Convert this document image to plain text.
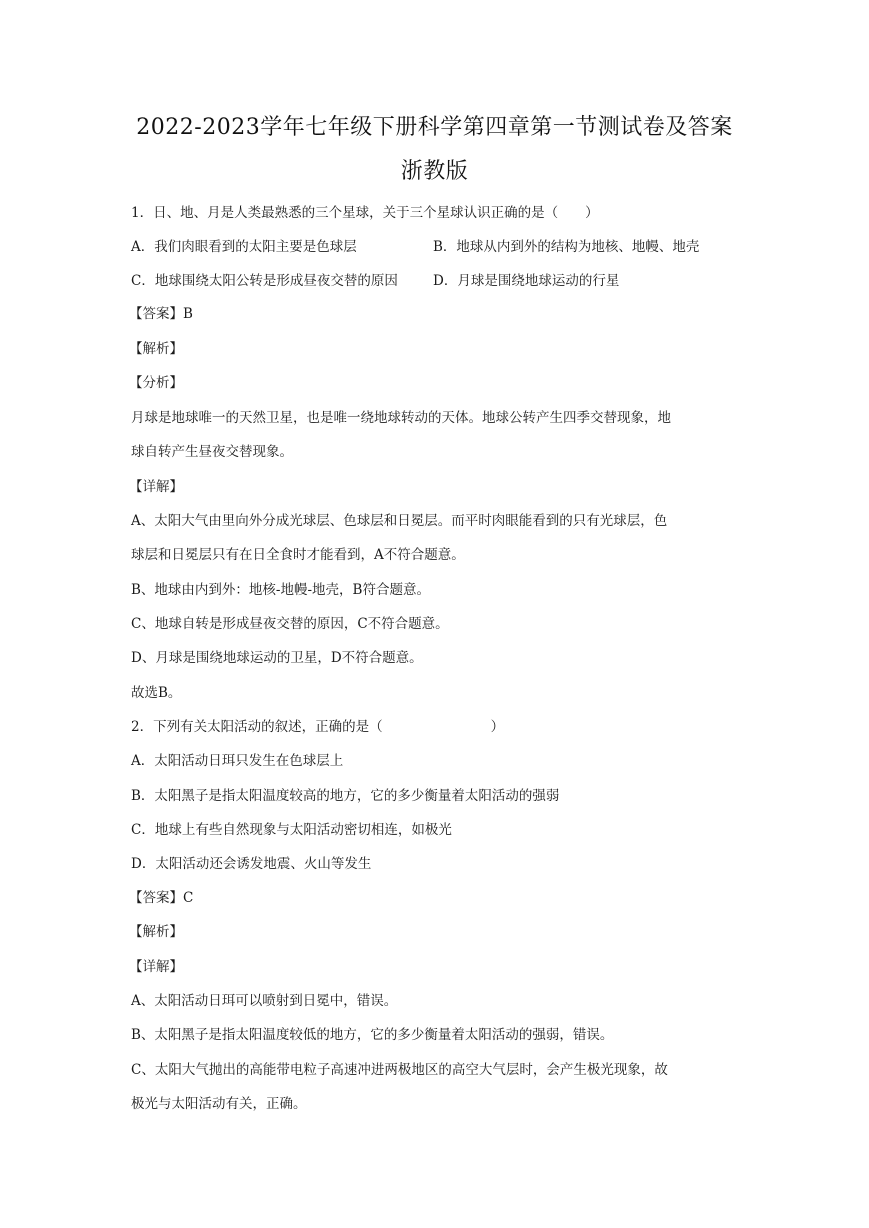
2022-2023学年七年级下册科学第四章第一节测试卷及答案
浙教版
1．日、地、月是人类最熟悉的三个星球，关于三个星球认识正确的是（　　）
A．我们肉眼看到的太阳主要是色球层	B．地球从内到外的结构为地核、地幔、地壳
C．地球围绕太阳公转是形成昼夜交替的原因	D．月球是围绕地球运动的行星
【答案】B
【解析】
【分析】
月球是地球唯一的天然卫星，也是唯一绕地球转动的天体。地球公转产生四季交替现象，地
球自转产生昼夜交替现象。
【详解】
A、太阳大气由里向外分成光球层、色球层和日冕层。而平时肉眼能看到的只有光球层，色
球层和日冕层只有在日全食时才能看到，A不符合题意。
B、地球由内到外：地核-地幔-地壳，B符合题意。
C、地球自转是形成昼夜交替的原因，C不符合题意。
D、月球是围绕地球运动的卫星，D不符合题意。
故选B。
2．下列有关太阳活动的叙述，正确的是（　　　　　　　　）
A．太阳活动日珥只发生在色球层上
B．太阳黑子是指太阳温度较高的地方，它的多少衡量着太阳活动的强弱
C．地球上有些自然现象与太阳活动密切相连，如极光
D．太阳活动还会诱发地震、火山等发生
【答案】C
【解析】
【详解】
A、太阳活动日珥可以喷射到日冕中，错误。
B、太阳黑子是指太阳温度较低的地方，它的多少衡量着太阳活动的强弱，错误。
C、太阳大气抛出的高能带电粒子高速冲进两极地区的高空大气层时，会产生极光现象，故
极光与太阳活动有关，正确。
